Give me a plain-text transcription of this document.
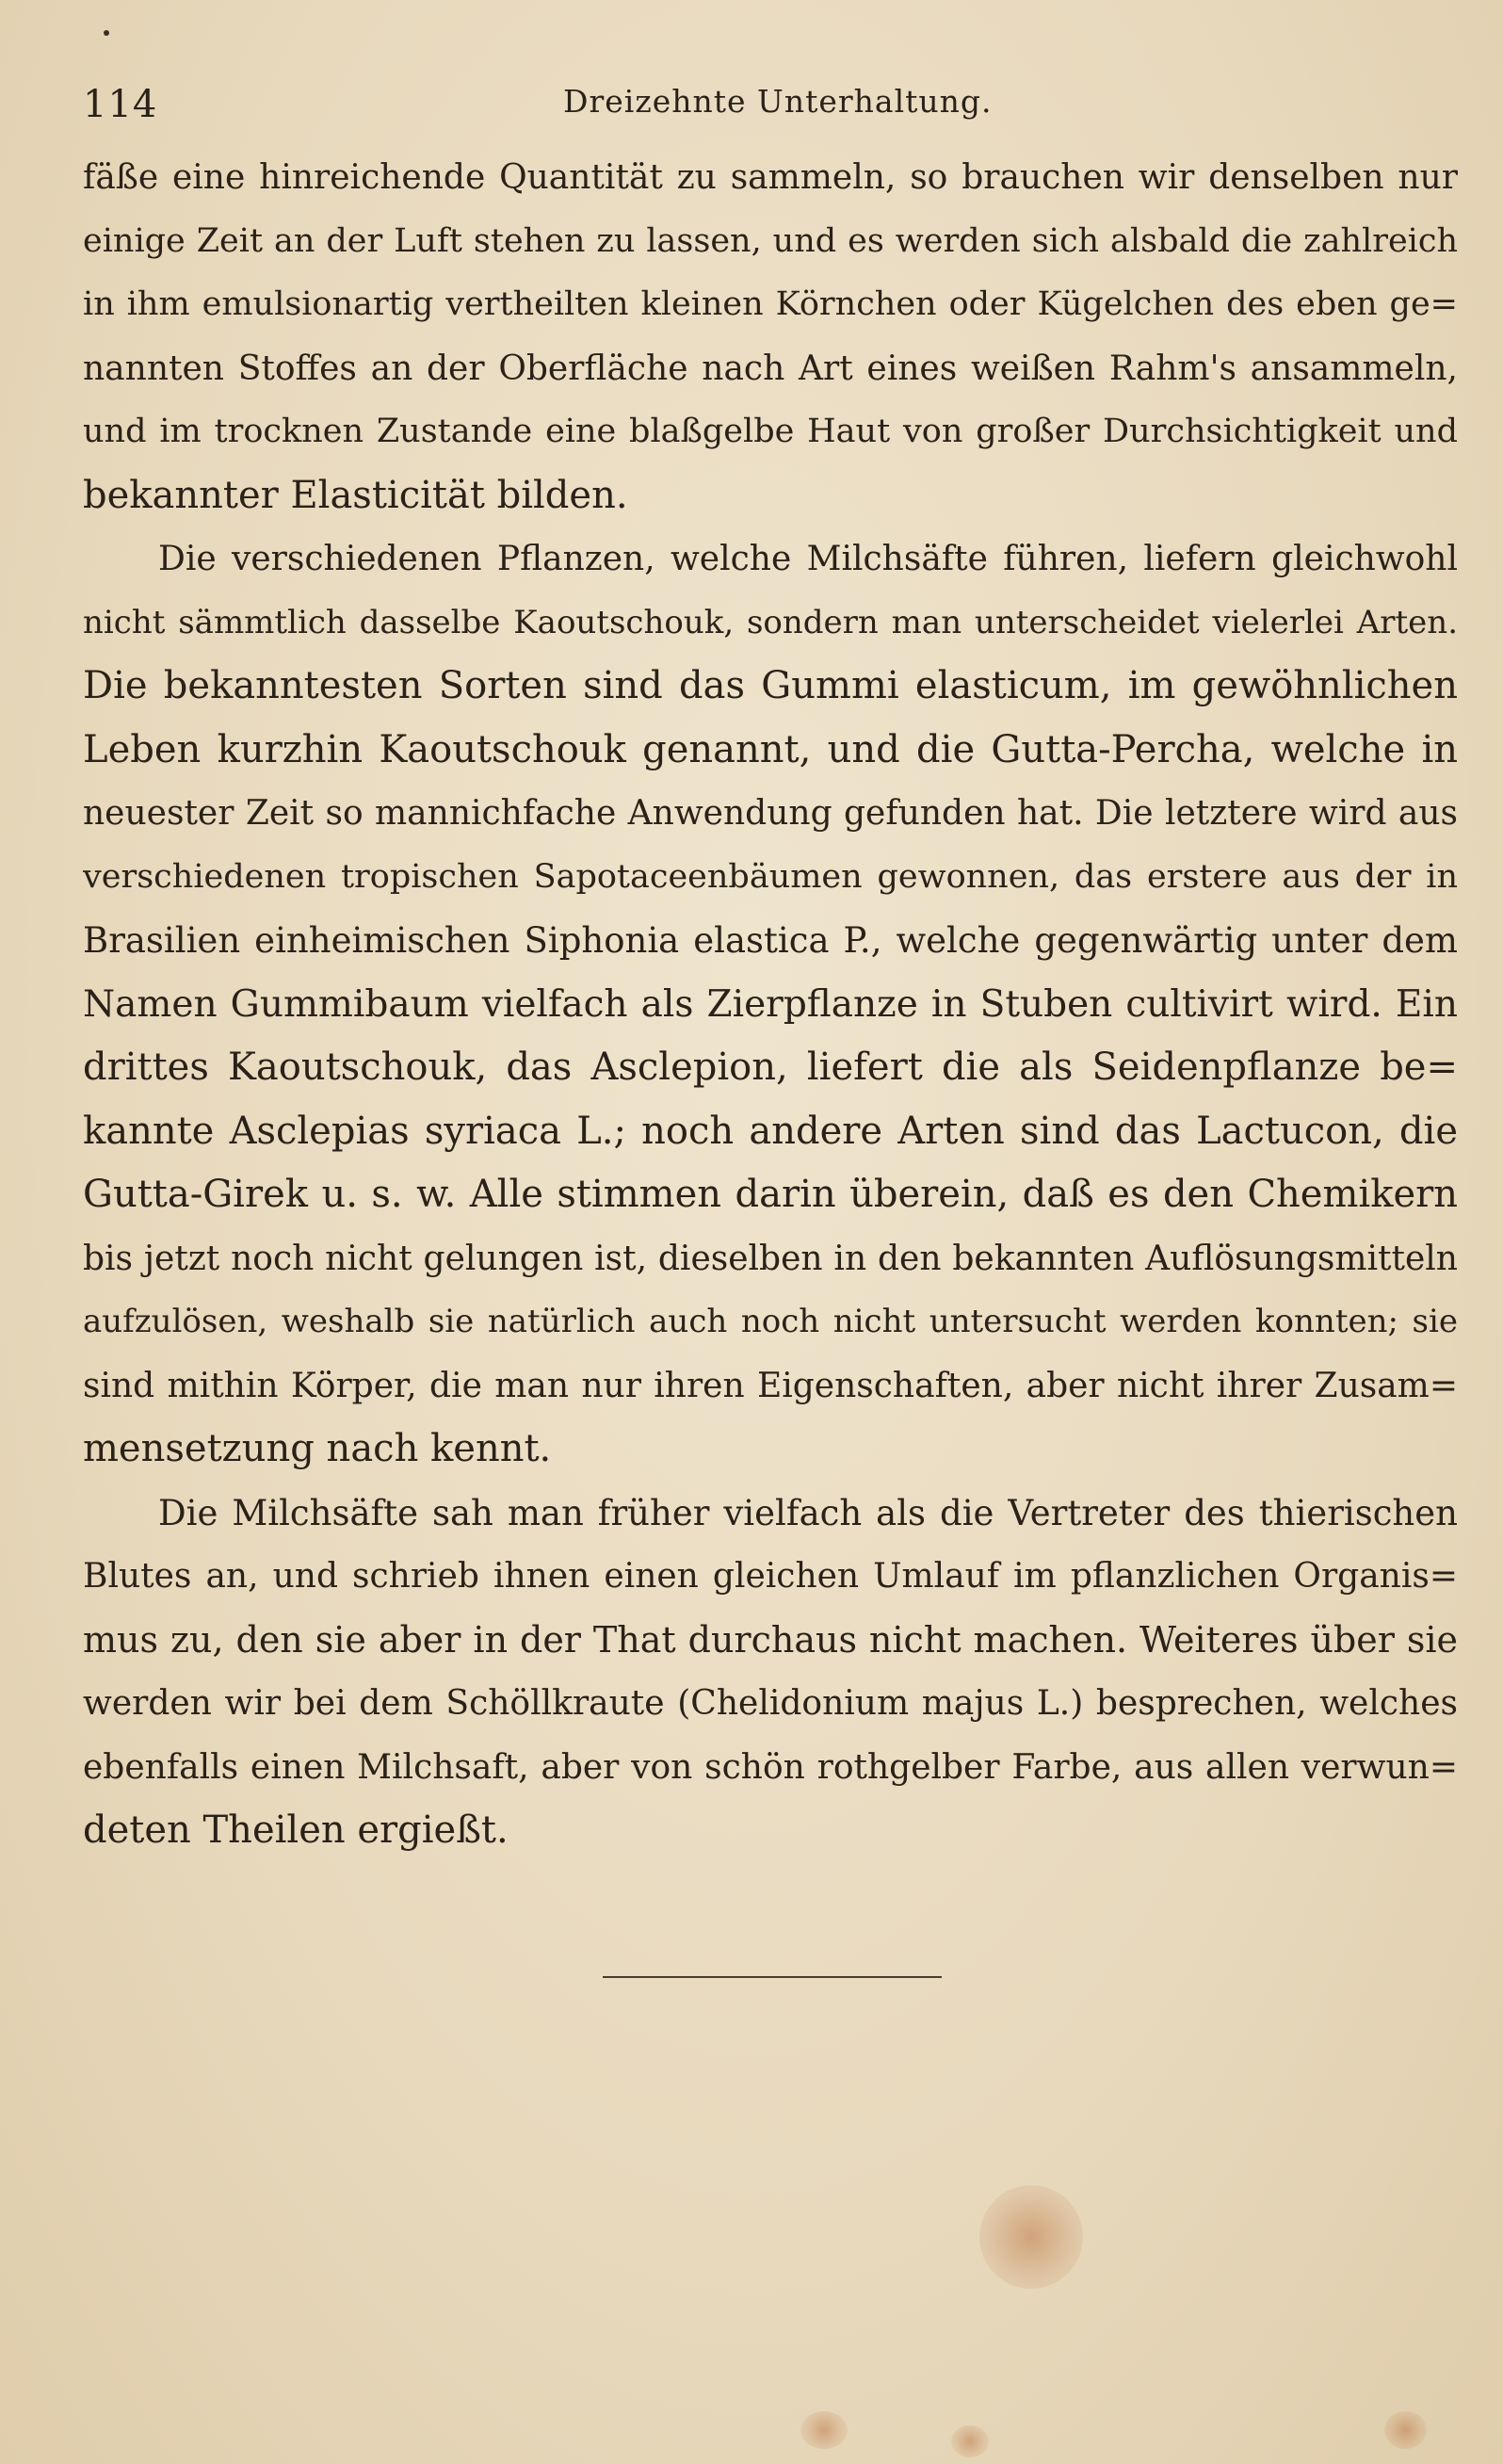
114	Dreizehnte Unterhaltung.
fäße eine hinreichende Quantität zu sammeln, so brauchen wir denselben nur
einige Zeit an der Luft stehen zu lassen, und es werden sich alsbald die zahlreich
in ihm emulsionartig vertheilten kleinen Körnchen oder Kügelchen des eben ge=
nannten Stoffes an der Oberfläche nach Art eines weißen Rahm's ansammeln,
und im trocknen Zustande eine blaßgelbe Haut von großer Durchsichtigkeit und
bekannter Elasticität bilden.
Die verschiedenen Pflanzen, welche Milchsäfte führen, liefern gleichwohl
nicht sämmtlich dasselbe Kaoutschouk, sondern man unterscheidet vielerlei Arten.
Die bekanntesten Sorten sind das Gummi elasticum, im gewöhnlichen
Leben kurzhin Kaoutschouk genannt, und die Gutta-Percha, welche in
neuester Zeit so mannichfache Anwendung gefunden hat. Die letztere wird aus
verschiedenen tropischen Sapotaceenbäumen gewonnen, das erstere aus der in
Brasilien einheimischen Siphonia elastica P., welche gegenwärtig unter dem
Namen Gummibaum vielfach als Zierpflanze in Stuben cultivirt wird. Ein
drittes Kaoutschouk, das Asclepion, liefert die als Seidenpflanze be=
kannte Asclepias syriaca L.; noch andere Arten sind das Lactucon, die
Gutta-Girek u. s. w. Alle stimmen darin überein, daß es den Chemikern
bis jetzt noch nicht gelungen ist, dieselben in den bekannten Auflösungsmitteln
aufzulösen, weshalb sie natürlich auch noch nicht untersucht werden konnten; sie
sind mithin Körper, die man nur ihren Eigenschaften, aber nicht ihrer Zusam=
mensetzung nach kennt.
Die Milchsäfte sah man früher vielfach als die Vertreter des thierischen
Blutes an, und schrieb ihnen einen gleichen Umlauf im pflanzlichen Organis=
mus zu, den sie aber in der That durchaus nicht machen. Weiteres über sie
werden wir bei dem Schöllkraute (Chelidonium majus L.) besprechen, welches
ebenfalls einen Milchsaft, aber von schön rothgelber Farbe, aus allen verwun=
deten Theilen ergießt.
